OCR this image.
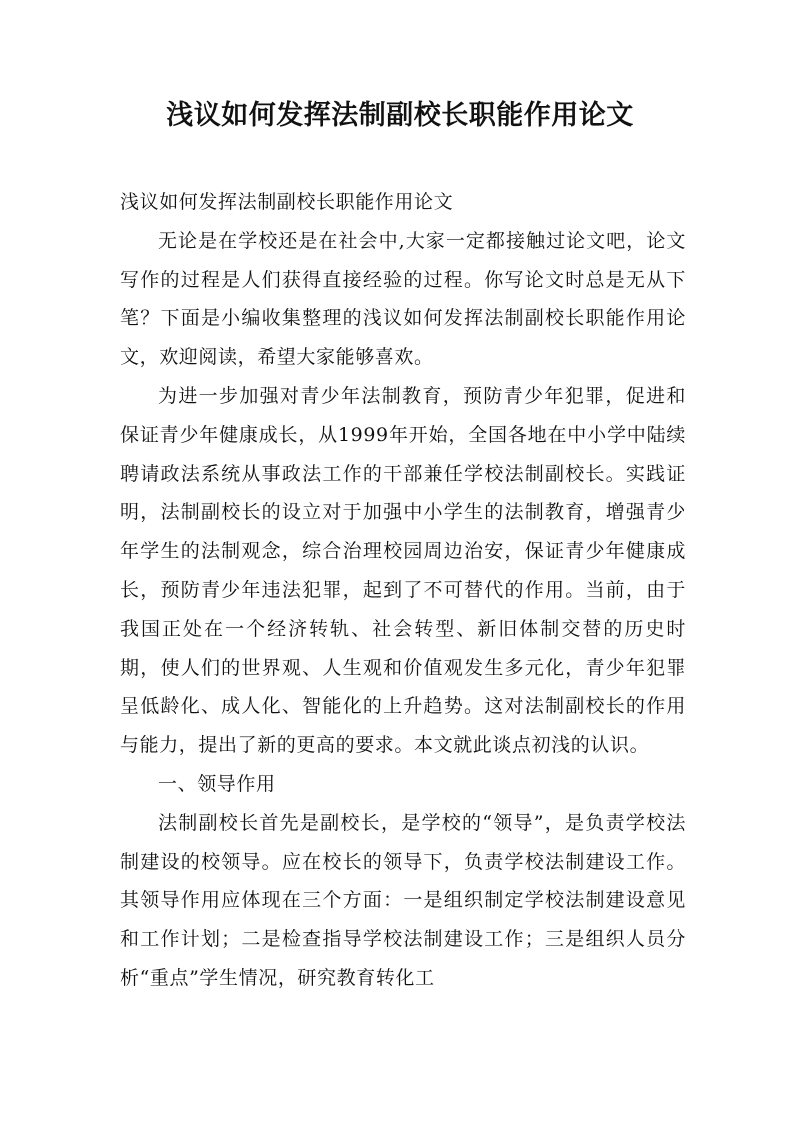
浅议如何发挥法制副校长职能作用论文

浅议如何发挥法制副校长职能作用论文

无论是在学校还是在社会中,大家一定都接触过论文吧，论文写作的过程是人们获得直接经验的过程。你写论文时总是无从下笔？下面是小编收集整理的浅议如何发挥法制副校长职能作用论文，欢迎阅读，希望大家能够喜欢。

为进一步加强对青少年法制教育，预防青少年犯罪，促进和保证青少年健康成长，从1999年开始，全国各地在中小学中陆续聘请政法系统从事政法工作的干部兼任学校法制副校长。实践证明，法制副校长的设立对于加强中小学生的法制教育，增强青少年学生的法制观念，综合治理校园周边治安，保证青少年健康成长，预防青少年违法犯罪，起到了不可替代的作用。当前，由于我国正处在一个经济转轨、社会转型、新旧体制交替的历史时期，使人们的世界观、人生观和价值观发生多元化，青少年犯罪呈低龄化、成人化、智能化的上升趋势。这对法制副校长的作用与能力，提出了新的更高的要求。本文就此谈点初浅的认识。

一、领导作用

法制副校长首先是副校长，是学校的“领导”，是负责学校法制建设的校领导。应在校长的领导下，负责学校法制建设工作。其领导作用应体现在三个方面：一是组织制定学校法制建设意见和工作计划；二是检查指导学校法制建设工作；三是组织人员分析“重点”学生情况，研究教育转化工
